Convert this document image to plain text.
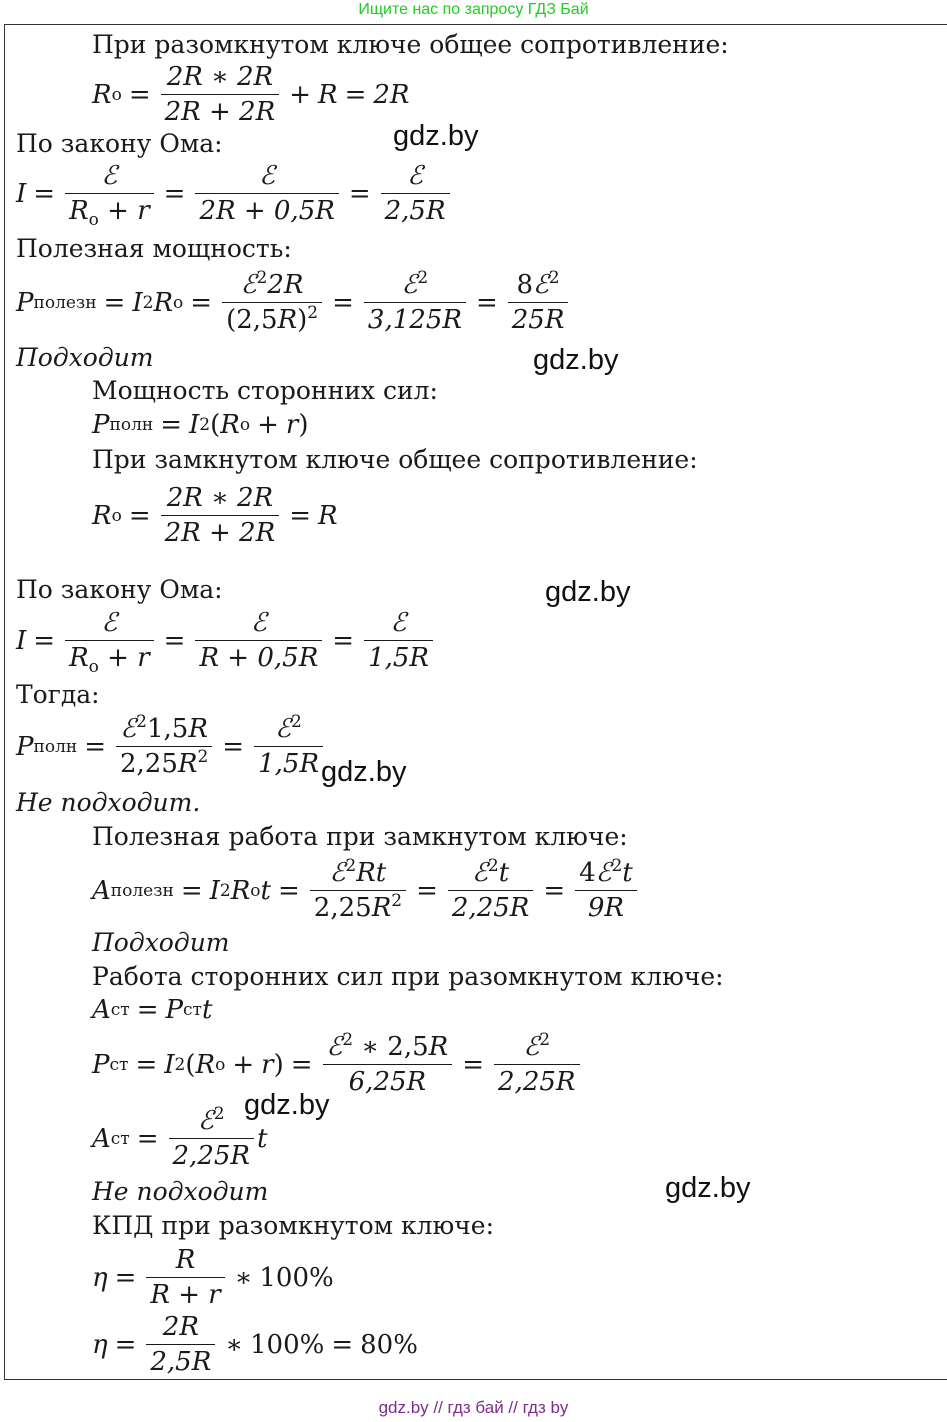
Ищите нас по запросу ГДЗ Бай
При разомкнутом ключе общее сопротивление:
По закону Ома:
Полезная мощность:
Подходит
Мощность сторонних сил:
При замкнутом ключе общее сопротивление:
По закону Ома:
Тогда:
Не подходит.
Полезная работа при замкнутом ключе:
Подходит
Работа сторонних сил при разомкнутом ключе:
Не подходит
КПД при разомкнутом ключе:
R o =
2R ∗ 2R
2R + 2R
+ R = 2R
I =
ℰ
$R_o + r$
=
ℰ
2R + 0,5R
=
ℰ
2,5R
P полезн = I 2 R o =
ℰ$^2$2R
$(2,5R)^2$ =
ℰ$^2$
3,125R
=
8ℰ$^2$
25R
P полн = I 2 ( R o + r )
R o =
2R ∗ 2R
2R + 2R
= R
I =
ℰ
$R_o + r$
=
ℰ
R + 0,5R
=
ℰ
1,5R
P полн =
ℰ$^2$1,5R
$2,25R^2$ =
ℰ$^2$
1,5R
A полезн = I 2 R o t =
ℰ$^2$Rt
$2,25R^2$ =
ℰ$^2$t
2,25R
=
4ℰ$^2$t
9R
A ст = P ст t
P ст = I 2 ( R o + r ) =
ℰ$^2$ ∗ 2,5R
6,25R
=
ℰ$^2$
2,25R
A ст =
ℰ$^2$
2,25R
t
η =
R
R + r
∗ 100%
η =
2R
2,5R
∗ 100% = 80%
gdz.by
gdz.by
gdz.by
gdz.by
gdz.by
gdz.by
gdz.by // гдз бай // гдз by
